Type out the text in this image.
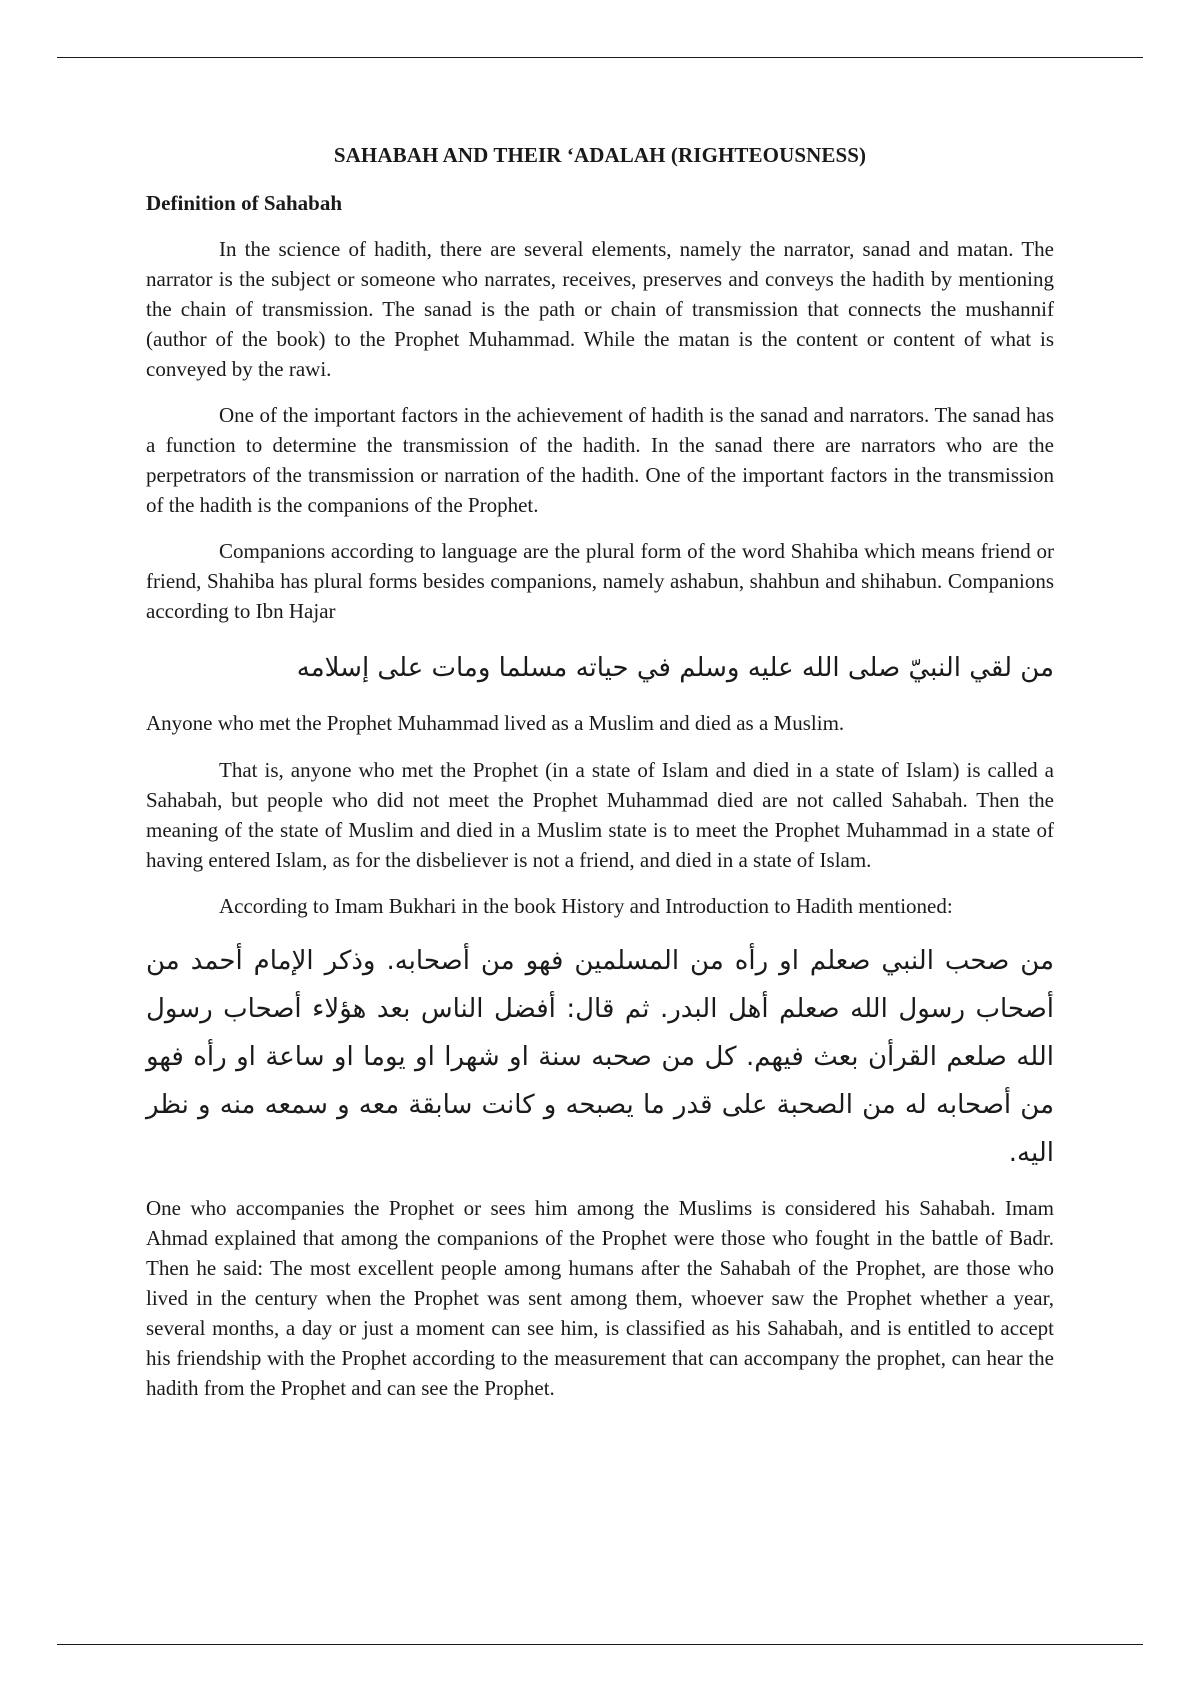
SAHABAH AND THEIR ‘ADALAH (RIGHTEOUSNESS)
Definition of Sahabah

In the science of hadith, there are several elements, namely the narrator, sanad and matan. The narrator is the subject or someone who narrates, receives, preserves and conveys the hadith by mentioning the chain of transmission. The sanad is the path or chain of transmission that connects the mushannif (author of the book) to the Prophet Muhammad. While the matan is the content or content of what is conveyed by the rawi.

One of the important factors in the achievement of hadith is the sanad and narrators. The sanad has a function to determine the transmission of the hadith. In the sanad there are narrators who are the perpetrators of the transmission or narration of the hadith. One of the important factors in the transmission of the hadith is the companions of the Prophet.

Companions according to language are the plural form of the word Shahiba which means friend or friend, Shahiba has plural forms besides companions, namely ashabun, shahbun and shihabun. Companions according to Ibn Hajar

من لقي النبيّ صلى الله عليه وسلم في حياته مسلما ومات على إسلامه

Anyone who met the Prophet Muhammad lived as a Muslim and died as a Muslim.

That is, anyone who met the Prophet (in a state of Islam and died in a state of Islam) is called a Sahabah, but people who did not meet the Prophet Muhammad died are not called Sahabah. Then the meaning of the state of Muslim and died in a Muslim state is to meet the Prophet Muhammad in a state of having entered Islam, as for the disbeliever is not a friend, and died in a state of Islam.

According to Imam Bukhari in the book History and Introduction to Hadith mentioned:

من صحب النبي صعلم او رأه من المسلمين فهو من أصحابه. وذكر الإمام أحمد من أصحاب رسول الله صعلم أهل البدر. ثم قال: أفضل الناس بعد هؤلاء أصحاب رسول الله صلعم القرأن بعث فيهم. كل من صحبه سنة او شهرا او يوما او ساعة او رأه فهو من أصحابه له من الصحبة على قدر ما يصبحه و كانت سابقة معه و سمعه منه و نظر اليه.

One who accompanies the Prophet or sees him among the Muslims is considered his Sahabah. Imam Ahmad explained that among the companions of the Prophet were those who fought in the battle of Badr. Then he said: The most excellent people among humans after the Sahabah of the Prophet, are those who lived in the century when the Prophet was sent among them, whoever saw the Prophet whether a year, several months, a day or just a moment can see him, is classified as his Sahabah, and is entitled to accept his friendship with the Prophet according to the measurement that can accompany the prophet, can hear the hadith from the Prophet and can see the Prophet.
